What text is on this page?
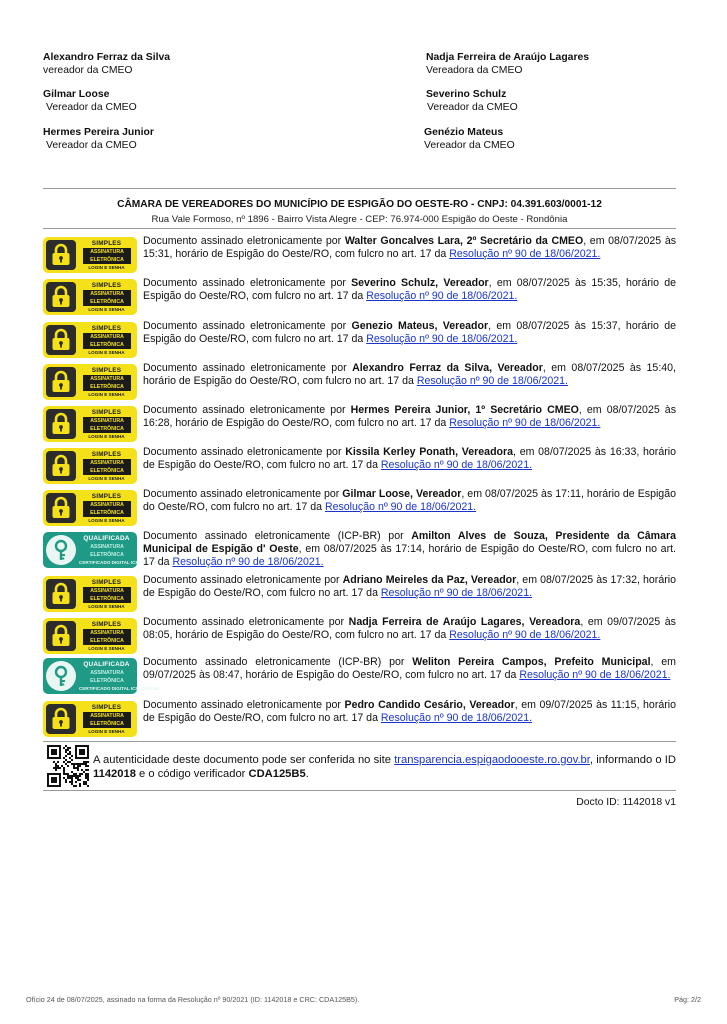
Alexandro Ferraz da Silva
vereador da CMEO
Gilmar Loose
Vereador da CMEO
Hermes Pereira Junior
Vereador da CMEO
Nadja Ferreira de Araújo Lagares
Vereadora da CMEO
Severino Schulz
Vereador da CMEO
Genézio Mateus
Vereador da CMEO
CÂMARA DE VEREADORES DO MUNICÍPIO DE ESPIGÃO DO OESTE-RO - CNPJ: 04.391.603/0001-12
Rua Vale Formoso, nº 1896 - Bairro Vista Alegre - CEP: 76.974-000 Espigão do Oeste - Rondônia
SIMPLES
ASSINATURA
ELETRÔNICA
LOGIN E SENHA
Documento assinado eletronicamente por Walter Goncalves Lara, 2º Secretário da CMEO, em 08/07/2025 às 15:31, horário de Espigão do Oeste/RO, com fulcro no art. 17 da Resolução nº 90 de 18/06/2021.
SIMPLES
ASSINATURA
ELETRÔNICA
LOGIN E SENHA
Documento assinado eletronicamente por Severino Schulz, Vereador, em 08/07/2025 às 15:35, horário de Espigão do Oeste/RO, com fulcro no art. 17 da Resolução nº 90 de 18/06/2021.
SIMPLES
ASSINATURA
ELETRÔNICA
LOGIN E SENHA
Documento assinado eletronicamente por Genezio Mateus, Vereador, em 08/07/2025 às 15:37, horário de Espigão do Oeste/RO, com fulcro no art. 17 da Resolução nº 90 de 18/06/2021.
SIMPLES
ASSINATURA
ELETRÔNICA
LOGIN E SENHA
Documento assinado eletronicamente por Alexandro Ferraz da Silva, Vereador, em 08/07/2025 às 15:40, horário de Espigão do Oeste/RO, com fulcro no art. 17 da Resolução nº 90 de 18/06/2021.
SIMPLES
ASSINATURA
ELETRÔNICA
LOGIN E SENHA
Documento assinado eletronicamente por Hermes Pereira Junior, 1º Secretário CMEO, em 08/07/2025 às 16:28, horário de Espigão do Oeste/RO, com fulcro no art. 17 da Resolução nº 90 de 18/06/2021.
SIMPLES
ASSINATURA
ELETRÔNICA
LOGIN E SENHA
Documento assinado eletronicamente por Kissila Kerley Ponath, Vereadora, em 08/07/2025 às 16:33, horário de Espigão do Oeste/RO, com fulcro no art. 17 da Resolução nº 90 de 18/06/2021.
SIMPLES
ASSINATURA
ELETRÔNICA
LOGIN E SENHA
Documento assinado eletronicamente por Gilmar Loose, Vereador, em 08/07/2025 às 17:11, horário de Espigão do Oeste/RO, com fulcro no art. 17 da Resolução nº 90 de 18/06/2021.
QUALIFICADA
ASSINATURA
ELETRÔNICA
CERTIFICADO DIGITAL ICP - BRASIL
Documento assinado eletronicamente (ICP-BR) por Amilton Alves de Souza, Presidente da Câmara Municipal de Espigão d' Oeste, em 08/07/2025 às 17:14, horário de Espigão do Oeste/RO, com fulcro no art. 17 da Resolução nº 90 de 18/06/2021.
SIMPLES
ASSINATURA
ELETRÔNICA
LOGIN E SENHA
Documento assinado eletronicamente por Adriano Meireles da Paz, Vereador, em 08/07/2025 às 17:32, horário de Espigão do Oeste/RO, com fulcro no art. 17 da Resolução nº 90 de 18/06/2021.
SIMPLES
ASSINATURA
ELETRÔNICA
LOGIN E SENHA
Documento assinado eletronicamente por Nadja Ferreira de Araújo Lagares, Vereadora, em 09/07/2025 às 08:05, horário de Espigão do Oeste/RO, com fulcro no art. 17 da Resolução nº 90 de 18/06/2021.
QUALIFICADA
ASSINATURA
ELETRÔNICA
CERTIFICADO DIGITAL ICP - BRASIL
Documento assinado eletronicamente (ICP-BR) por Weliton Pereira Campos, Prefeito Municipal, em 09/07/2025 às 08:47, horário de Espigão do Oeste/RO, com fulcro no art. 17 da Resolução nº 90 de 18/06/2021.
SIMPLES
ASSINATURA
ELETRÔNICA
LOGIN E SENHA
Documento assinado eletronicamente por Pedro Candido Cesário, Vereador, em 09/07/2025 às 11:15, horário de Espigão do Oeste/RO, com fulcro no art. 17 da Resolução nº 90 de 18/06/2021.
A autenticidade deste documento pode ser conferida no site transparencia.espigaodooeste.ro.gov.br, informando o ID 1142018 e o código verificador CDA125B5.
Docto ID: 1142018 v1
Ofício 24 de 08/07/2025, assinado na forma da Resolução nº 90/2021 (ID: 1142018 e CRC: CDA125B5).	Pág: 2/2
